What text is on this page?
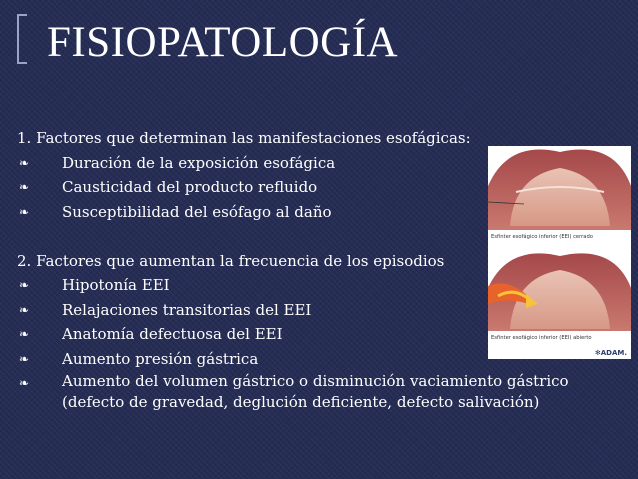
FISIOPATOLOGÍA
1. Factores que determinan las manifestaciones esofágicas:
❧	Duración de la exposición esofágica
❧	Causticidad del producto refluido
❧	Susceptibilidad del esófago al daño
2. Factores que aumentan la frecuencia de los episodios
❧	Hipotonía EEI
❧	Relajaciones transitorias del EEI
❧	Anatomía defectuosa del EEI
❧	Aumento presión gástrica
❧	Aumento del volumen gástrico o disminución vaciamiento gástrico (defecto de gravedad, deglución deficiente, defecto salivación)
Esfínter esofágico inferior (EEI) cerrado
Esfínter esofágico inferior (EEI) abierto
✻ADAM.
